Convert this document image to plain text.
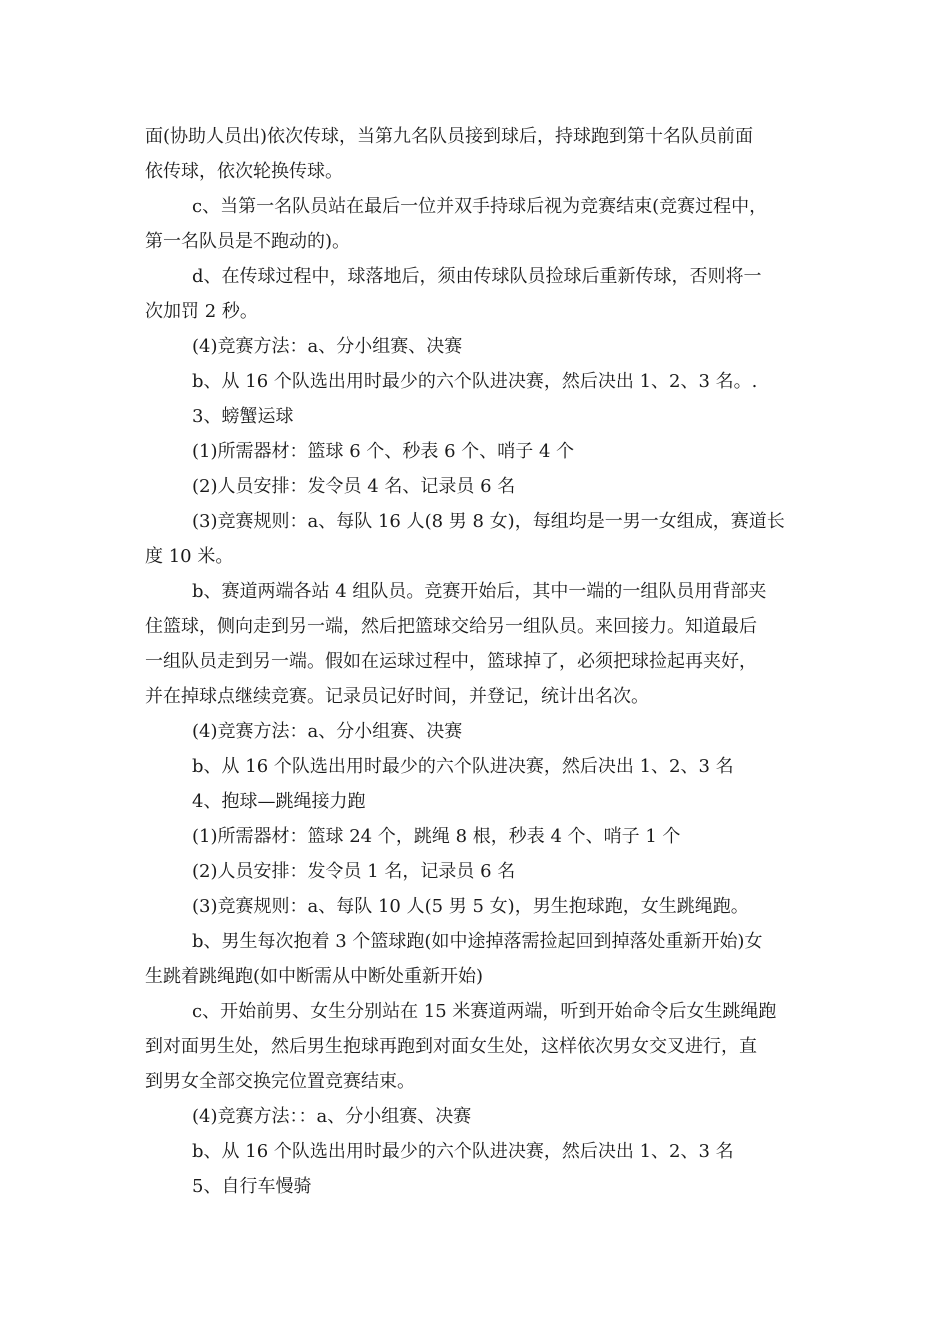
面(协助人员出)依次传球，当第九名队员接到球后，持球跑到第十名队员前面
依传球，依次轮换传球。

c、当第一名队员站在最后一位并双手持球后视为竞赛结束(竞赛过程中，
第一名队员是不跑动的)。

d、在传球过程中，球落地后，须由传球队员捡球后重新传球，否则将一
次加罚 2 秒。

(4)竞赛方法：a、分小组赛、决赛

b、从 16 个队选出用时最少的六个队进决赛，然后决出 1、2、3 名。.

3、螃蟹运球

(1)所需器材：篮球 6 个、秒表 6 个、哨子 4 个

(2)人员安排：发令员 4 名、记录员 6 名

(3)竞赛规则：a、每队 16 人(8 男 8 女)，每组均是一男一女组成，赛道长
度 10 米。

b、赛道两端各站 4 组队员。竞赛开始后，其中一端的一组队员用背部夹
住篮球，侧向走到另一端，然后把篮球交给另一组队员。来回接力。知道最后
一组队员走到另一端。假如在运球过程中，篮球掉了，必须把球捡起再夹好，
并在掉球点继续竞赛。记录员记好时间，并登记，统计出名次。

(4)竞赛方法：a、分小组赛、决赛

b、从 16 个队选出用时最少的六个队进决赛，然后决出 1、2、3 名

4、抱球—跳绳接力跑

(1)所需器材：篮球 24 个，跳绳 8 根，秒表 4 个、哨子 1 个

(2)人员安排：发令员 1 名，记录员 6 名

(3)竞赛规则：a、每队 10 人(5 男 5 女)，男生抱球跑，女生跳绳跑。

b、男生每次抱着 3 个篮球跑(如中途掉落需捡起回到掉落处重新开始)女
生跳着跳绳跑(如中断需从中断处重新开始)

c、开始前男、女生分别站在 15 米赛道两端，听到开始命令后女生跳绳跑
到对面男生处，然后男生抱球再跑到对面女生处，这样依次男女交叉进行，直
到男女全部交换完位置竞赛结束。

(4)竞赛方法：：a、分小组赛、决赛

b、从 16 个队选出用时最少的六个队进决赛，然后决出 1、2、3 名

5、自行车慢骑
